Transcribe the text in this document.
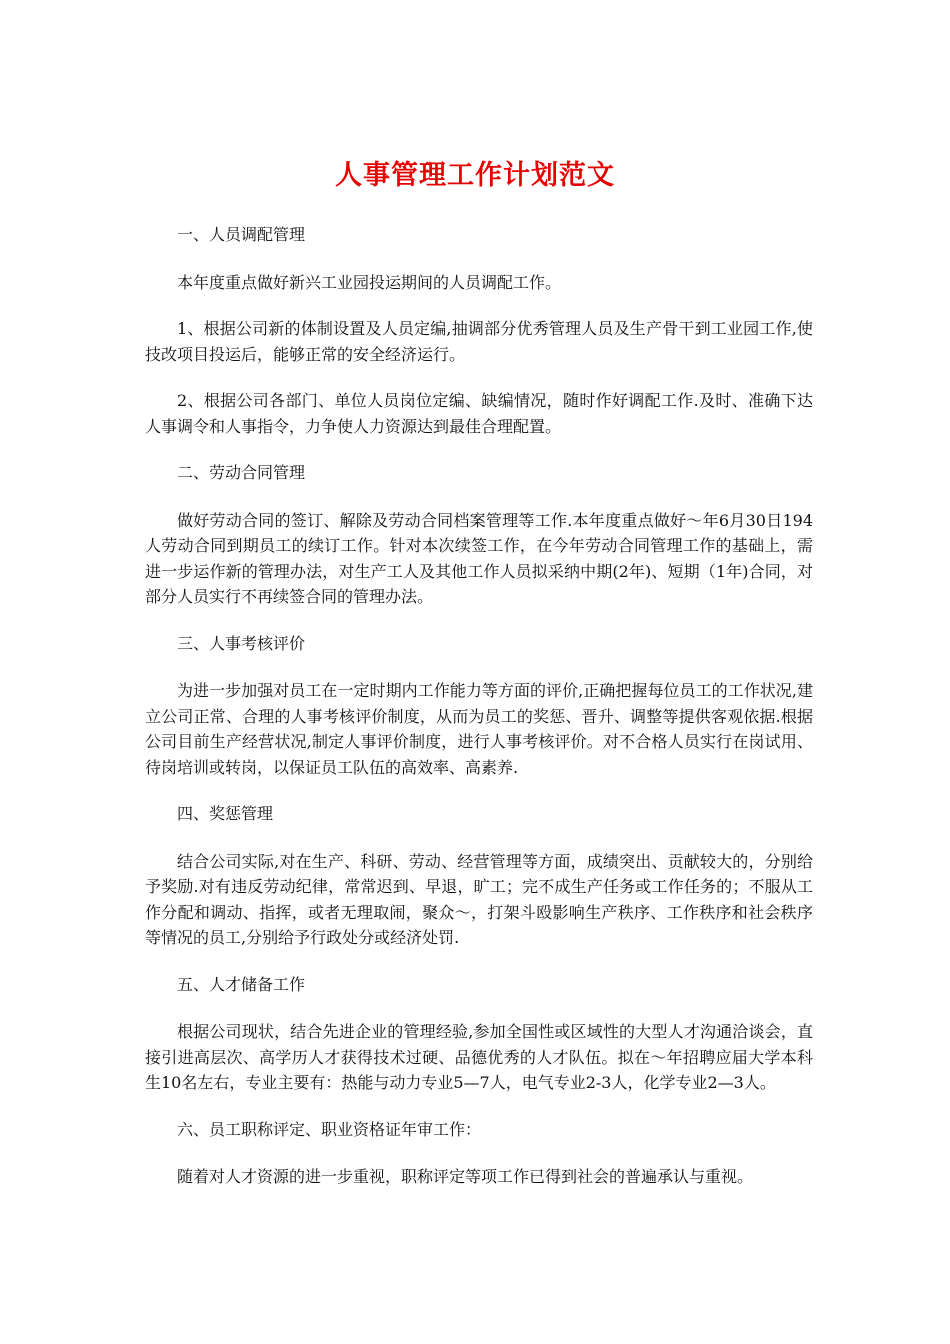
人事管理工作计划范文

一、人员调配管理

本年度重点做好新兴工业园投运期间的人员调配工作。

1、根据公司新的体制设置及人员定编,抽调部分优秀管理人员及生产骨干到工业园工作,使技改项目投运后，能够正常的安全经济运行。

2、根据公司各部门、单位人员岗位定编、缺编情况，随时作好调配工作.及时、准确下达人事调令和人事指令，力争使人力资源达到最佳合理配置。

二、劳动合同管理

做好劳动合同的签订、解除及劳动合同档案管理等工作.本年度重点做好～年6月30日194人劳动合同到期员工的续订工作。针对本次续签工作，在今年劳动合同管理工作的基础上，需进一步运作新的管理办法，对生产工人及其他工作人员拟采纳中期(2年)、短期（1年)合同，对部分人员实行不再续签合同的管理办法。

三、人事考核评价

为进一步加强对员工在一定时期内工作能力等方面的评价,正确把握每位员工的工作状况,建立公司正常、合理的人事考核评价制度，从而为员工的奖惩、晋升、调整等提供客观依据.根据公司目前生产经营状况,制定人事评价制度，进行人事考核评价。对不合格人员实行在岗试用、待岗培训或转岗，以保证员工队伍的高效率、高素养.

四、奖惩管理

结合公司实际,对在生产、科研、劳动、经营管理等方面，成绩突出、贡献较大的，分别给予奖励.对有违反劳动纪律，常常迟到、早退，旷工；完不成生产任务或工作任务的；不服从工作分配和调动、指挥，或者无理取闹，聚众～，打架斗殴影响生产秩序、工作秩序和社会秩序等情况的员工,分别给予行政处分或经济处罚.

五、人才储备工作

根据公司现状，结合先进企业的管理经验,参加全国性或区域性的大型人才沟通洽谈会，直接引进高层次、高学历人才获得技术过硬、品德优秀的人才队伍。拟在～年招聘应届大学本科生10名左右，专业主要有：热能与动力专业5—7人，电气专业2-3人，化学专业2—3人。

六、员工职称评定、职业资格证年审工作：

随着对人才资源的进一步重视，职称评定等项工作已得到社会的普遍承认与重视。
